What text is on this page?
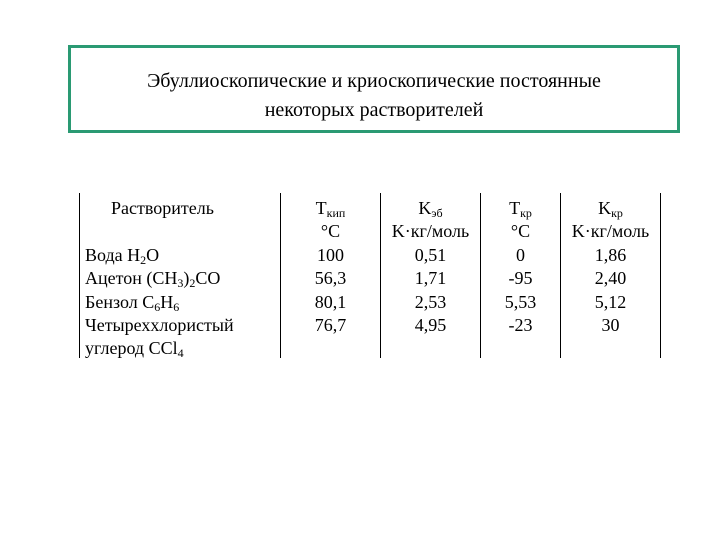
Эбуллиоскопические и криоскопические постоянные
некоторых растворителей
Растворитель
Вода $H_2O$
Ацетон $(CH_3)_2CO$
Бензол $C_6H_6$
Четыреххлористый
углерод CCl$_4$
$T_{кип}$
°C
100
56,3
80,1
76,7
$K_{эб}$
K·кг/моль
0,51
1,71
2,53
4,95
$T_{кр}$
°C
0
-95
5,53
-23
$K_{кр}$
K·кг/моль
1,86
2,40
5,12
30
